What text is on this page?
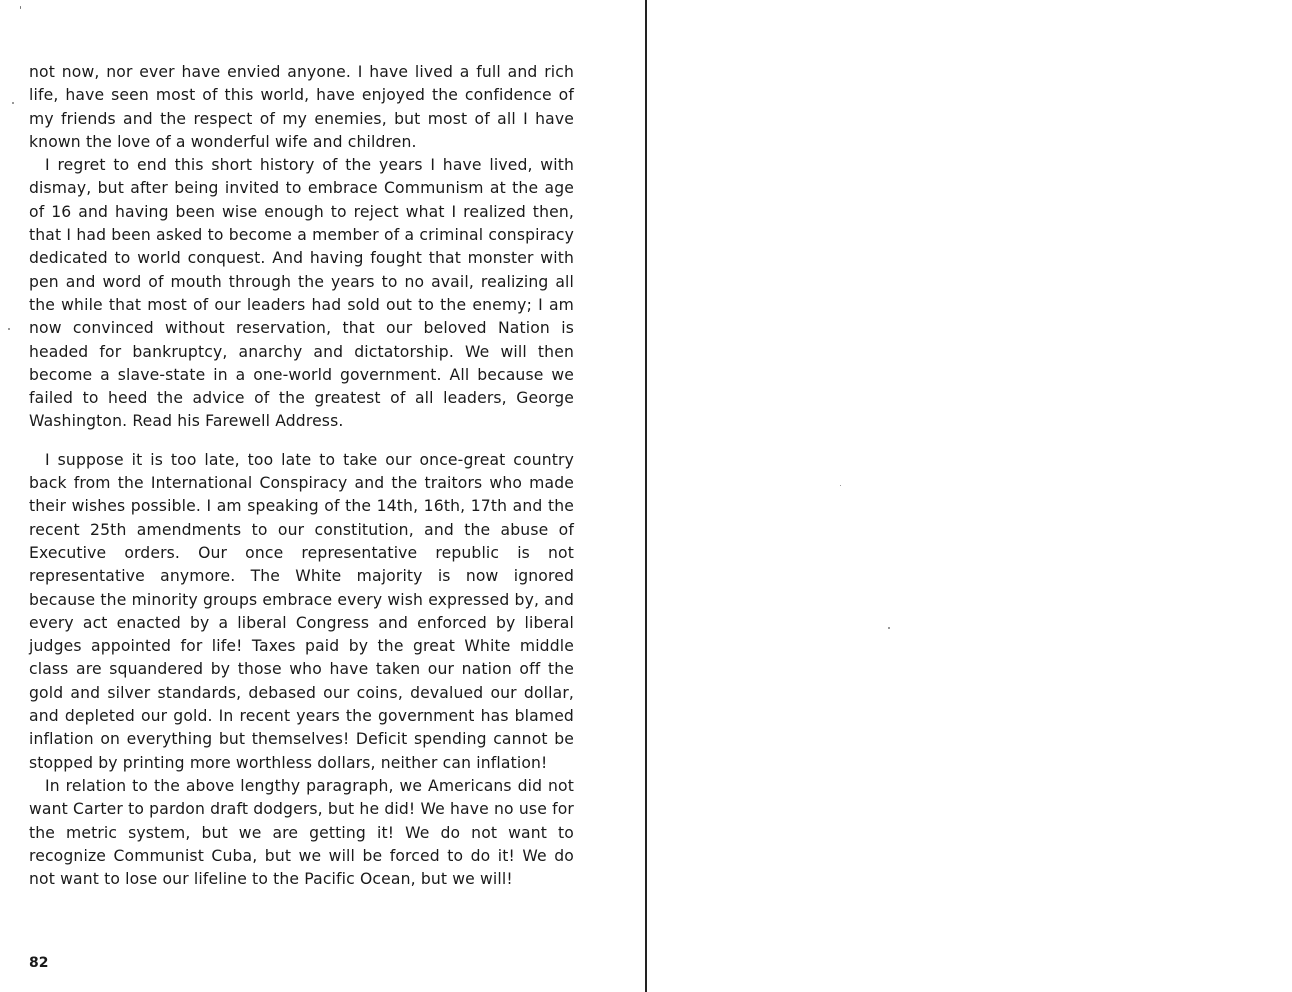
not now, nor ever have envied anyone. I have lived a full and rich life, have seen most of this world, have enjoyed the confidence of my friends and the respect of my enemies, but most of all I have known the love of a wonderful wife and children.

I regret to end this short history of the years I have lived, with dismay, but after being invited to embrace Communism at the age of 16 and having been wise enough to reject what I realized then, that I had been asked to become a member of a criminal conspiracy dedicated to world conquest. And having fought that monster with pen and word of mouth through the years to no avail, realizing all the while that most of our leaders had sold out to the enemy; I am now convinced without reservation, that our beloved Nation is headed for bankruptcy, anarchy and dictatorship. We will then become a slave-state in a one-world government. All because we failed to heed the advice of the greatest of all leaders, George Washington. Read his Farewell Address.

I suppose it is too late, too late to take our once-great country back from the International Conspiracy and the traitors who made their wishes possible. I am speaking of the 14th, 16th, 17th and the recent 25th amendments to our constitution, and the abuse of Executive orders. Our once representative republic is not representative anymore. The White majority is now ignored because the minority groups embrace every wish expressed by, and every act enacted by a liberal Congress and enforced by liberal judges appointed for life! Taxes paid by the great White middle class are squandered by those who have taken our nation off the gold and silver standards, debased our coins, devalued our dollar, and depleted our gold. In recent years the government has blamed inflation on everything but themselves! Deficit spending cannot be stopped by printing more worthless dollars, neither can inflation!

In relation to the above lengthy paragraph, we Americans did not want Carter to pardon draft dodgers, but he did! We have no use for the metric system, but we are getting it! We do not want to recognize Communist Cuba, but we will be forced to do it! We do not want to lose our lifeline to the Pacific Ocean, but we will!

82
